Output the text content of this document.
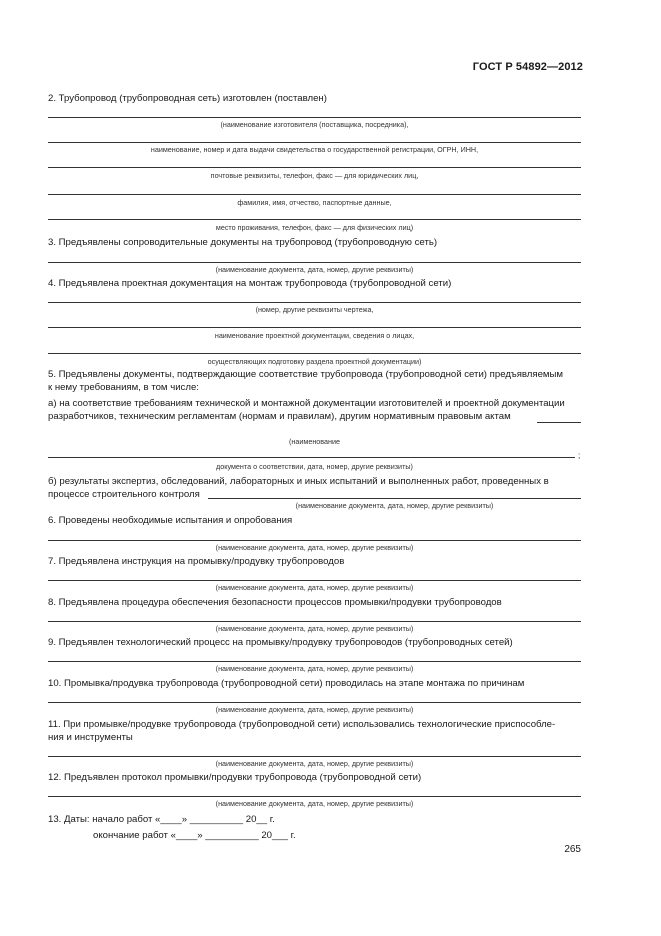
ГОСТ Р 54892—2012
2. Трубопровод (трубопроводная сеть) изготовлен (поставлен)
(наименование изготовителя (поставщика, посредника),
наименование, номер и дата выдачи свидетельства о государственной регистрации, ОГРН, ИНН,
почтовые реквизиты, телефон, факс — для юридических лиц,
фамилия, имя, отчество, паспортные данные,
место проживания, телефон, факс — для физических лиц)
3. Предъявлены сопроводительные документы на трубопровод (трубопроводную сеть)
(наименование документа, дата, номер, другие реквизиты)
4. Предъявлена проектная документация на монтаж трубопровода (трубопроводной сети)
(номер, другие реквизиты чертежа,
наименование проектной документации, сведения о лицах,
осуществляющих подготовку раздела проектной документации)
5. Предъявлены документы, подтверждающие соответствие трубопровода (трубопроводной сети) предъявляемым
к нему требованиям, в том числе:
а) на соответствие требованиям технической и монтажной документации изготовителей и проектной документации
разработчиков, техническим регламентам (нормам и правилам), другим нормативным правовым актам
(наименование
;
документа о соответствии, дата, номер, другие реквизиты)
б) результаты экспертиз, обследований, лабораторных и иных испытаний и выполненных работ, проведенных в
процессе строительного контроля
(наименование документа, дата, номер, другие реквизиты)
6. Проведены необходимые испытания и опробования
(наименование документа, дата, номер, другие реквизиты)
7. Предъявлена инструкция на промывку/продувку трубопроводов
(наименование документа, дата, номер, другие реквизиты)
8. Предъявлена процедура обеспечения безопасности процессов промывки/продувки трубопроводов
(наименование документа, дата, номер, другие реквизиты)
9. Предъявлен технологический процесс на промывку/продувку трубопроводов (трубопроводных сетей)
(наименование документа, дата, номер, другие реквизиты)
10. Промывка/продувка трубопровода (трубопроводной сети) проводилась на этапе монтажа по причинам
(наименование документа, дата, номер, другие реквизиты)
11. При промывке/продувке трубопровода (трубопроводной сети) использовались технологические приспособле-
ния и инструменты
(наименование документа, дата, номер, другие реквизиты)
12. Предъявлен протокол промывки/продувки трубопровода (трубопроводной сети)
(наименование документа, дата, номер, другие реквизиты)
13. Даты: начало работ «____» __________ 20__ г.
окончание работ «____» __________ 20___ г.
265
